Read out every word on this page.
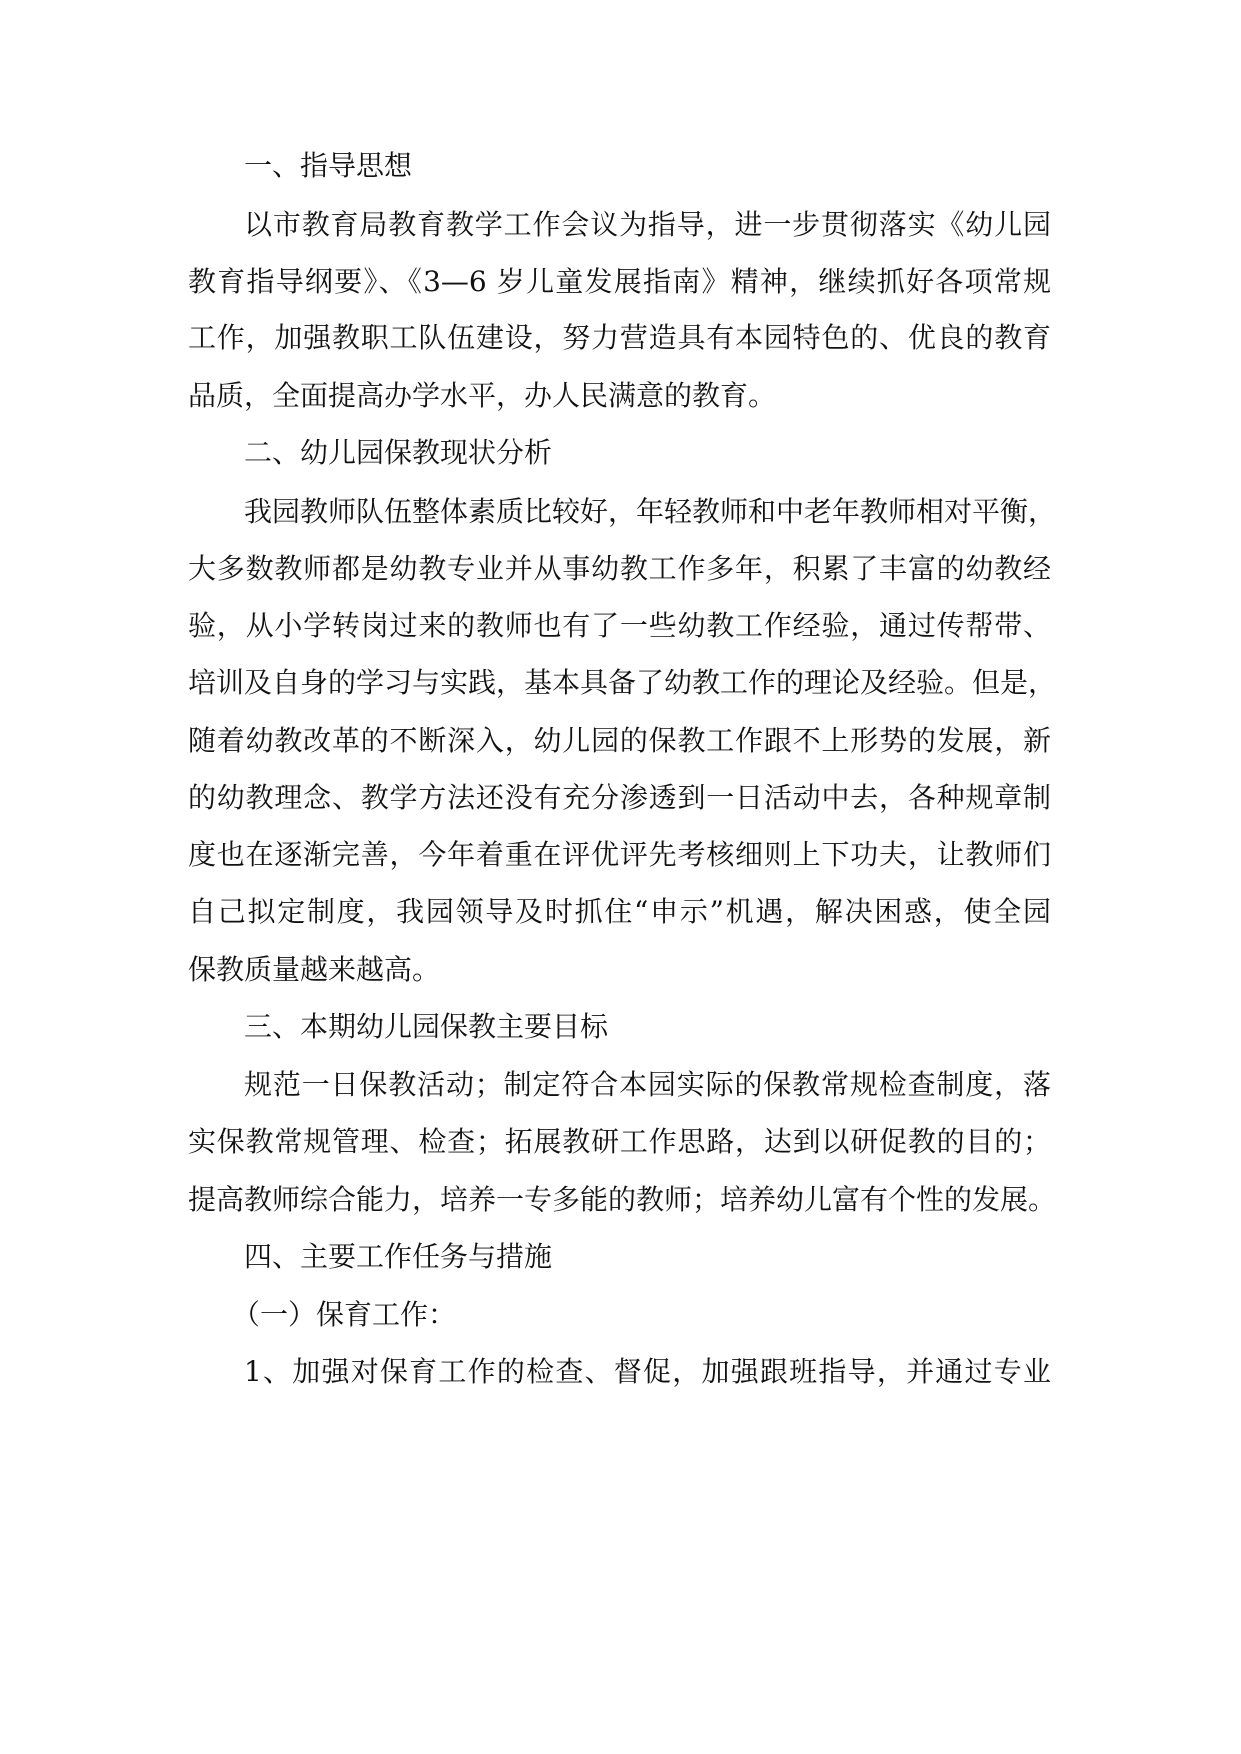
一、指导思想
以市教育局教育教学工作会议为指导，进一步贯彻落实《幼儿园
教育指导纲要》、《3—6 岁儿童发展指南》精神，继续抓好各项常规
工作，加强教职工队伍建设，努力营造具有本园特色的、优良的教育
品质，全面提高办学水平，办人民满意的教育。
二、幼儿园保教现状分析
我园教师队伍整体素质比较好，年轻教师和中老年教师相对平衡，
大多数教师都是幼教专业并从事幼教工作多年，积累了丰富的幼教经
验，从小学转岗过来的教师也有了一些幼教工作经验，通过传帮带、
培训及自身的学习与实践，基本具备了幼教工作的理论及经验。但是，
随着幼教改革的不断深入，幼儿园的保教工作跟不上形势的发展，新
的幼教理念、教学方法还没有充分渗透到一日活动中去，各种规章制
度也在逐渐完善，今年着重在评优评先考核细则上下功夫，让教师们
自己拟定制度，我园领导及时抓住“申示”机遇，解决困惑，使全园
保教质量越来越高。
三、本期幼儿园保教主要目标
规范一日保教活动；制定符合本园实际的保教常规检查制度，落
实保教常规管理、检查；拓展教研工作思路，达到以研促教的目的；
提高教师综合能力，培养一专多能的教师；培养幼儿富有个性的发展。
四、主要工作任务与措施
（一）保育工作：
1、加强对保育工作的检查、督促，加强跟班指导，并通过专业
